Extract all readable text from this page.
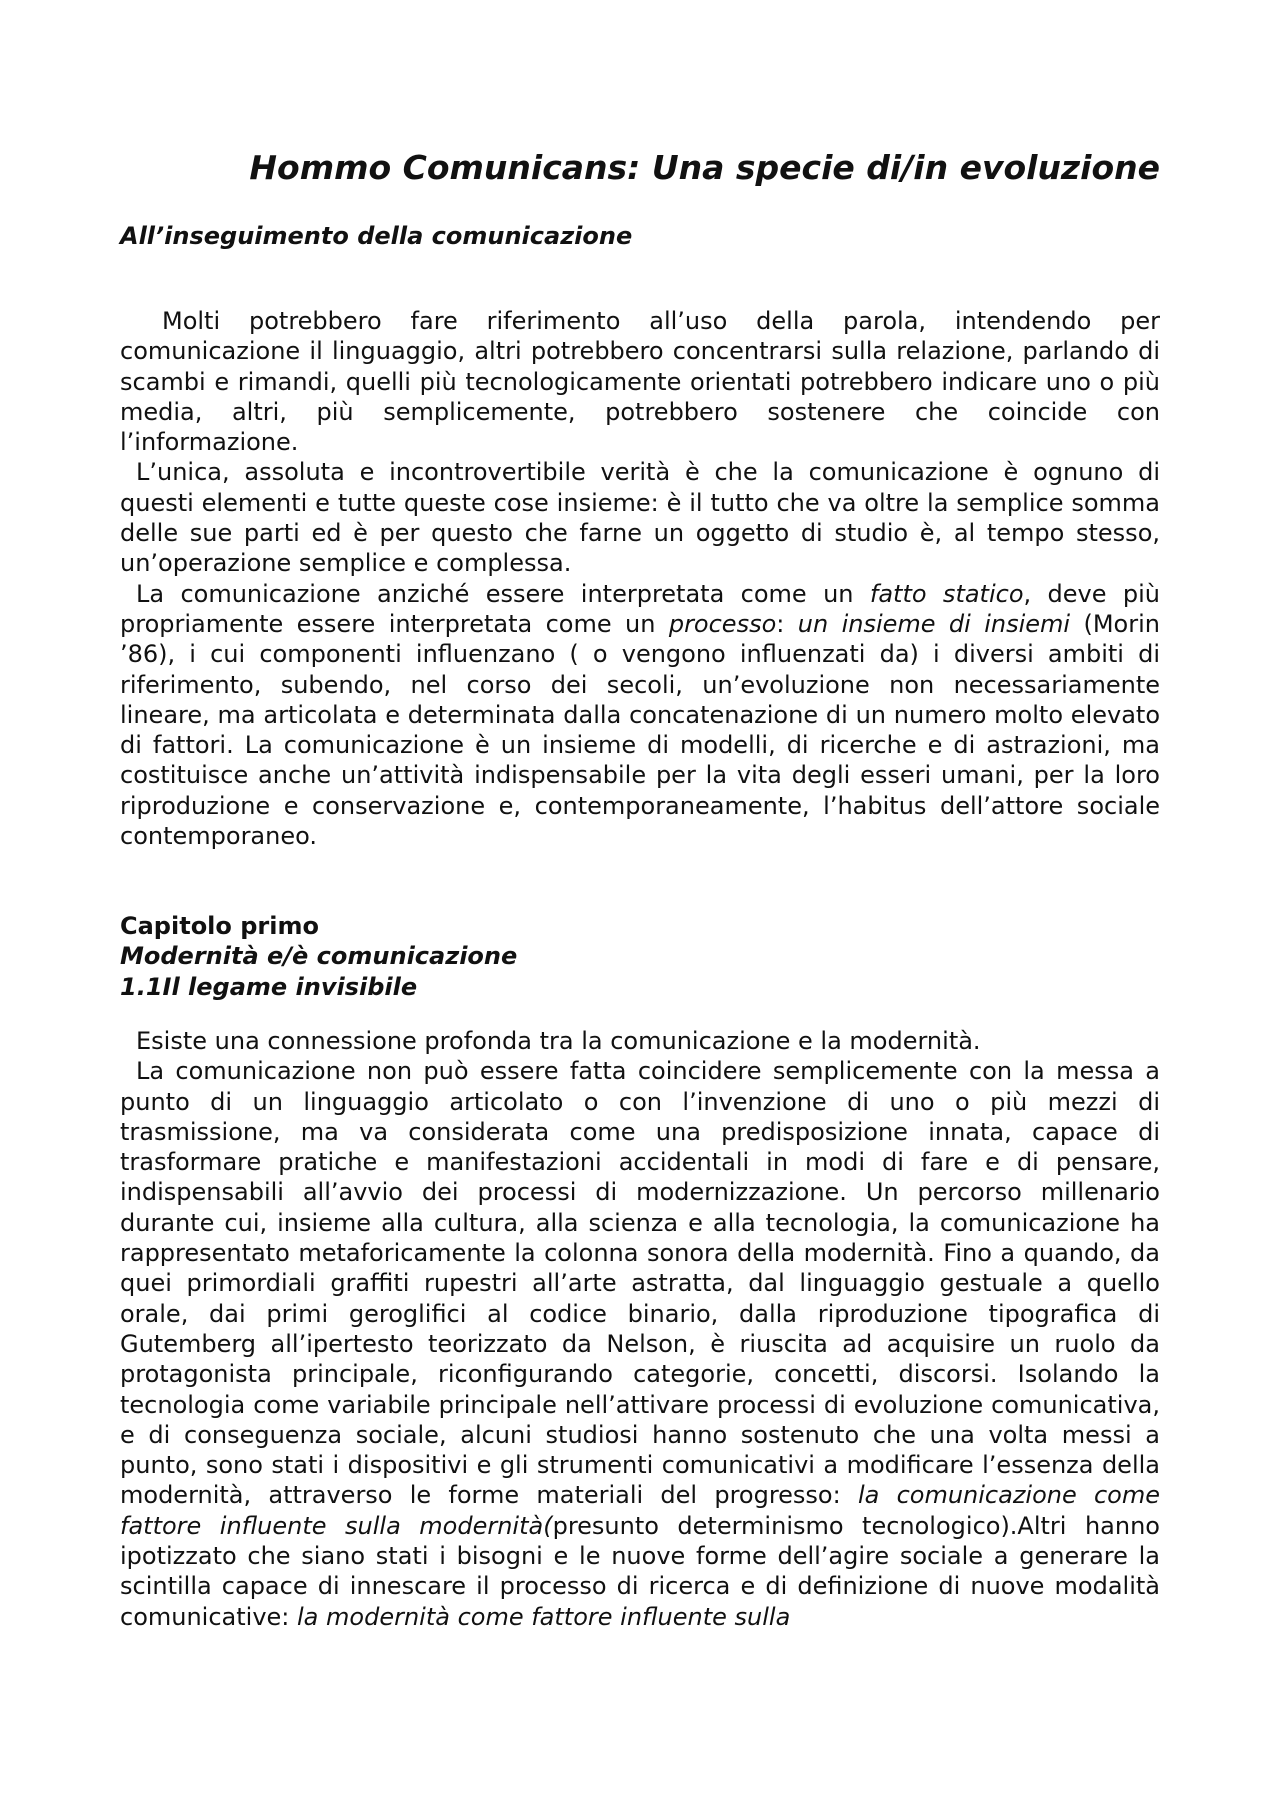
Hommo Comunicans: Una specie di/in evoluzione
All’inseguimento della comunicazione

Molti potrebbero fare riferimento all’uso della parola, intendendo per comunicazione il linguaggio, altri potrebbero concentrarsi sulla relazione, parlando di scambi e rimandi, quelli più tecnologicamente orientati potrebbero indicare uno o più media, altri, più semplicemente, potrebbero sostenere che coincide con l’informazione.

L’unica, assoluta e incontrovertibile verità è che la comunicazione è ognuno di questi elementi e tutte queste cose insieme: è il tutto che va oltre la semplice somma delle sue parti ed è per questo che farne un oggetto di studio è, al tempo stesso, un’operazione semplice e complessa.

La comunicazione anziché essere interpretata come un fatto statico, deve più propriamente essere interpretata come un processo: un insieme di insiemi (Morin ’86), i cui componenti influenzano ( o vengono influenzati da) i diversi ambiti di riferimento, subendo, nel corso dei secoli, un’evoluzione non necessariamente lineare, ma articolata e determinata dalla concatenazione di un numero molto elevato di fattori. La comunicazione è un insieme di modelli, di ricerche e di astrazioni, ma costituisce anche un’attività indispensabile per la vita degli esseri umani, per la loro riproduzione e conservazione e, contemporaneamente, l’habitus dell’attore sociale contemporaneo.

Capitolo primo
Modernità e/è comunicazione
1.1Il legame invisibile

Esiste una connessione profonda tra la comunicazione e la modernità.

La comunicazione non può essere fatta coincidere semplicemente con la messa a punto di un linguaggio articolato o con l’invenzione di uno o più mezzi di trasmissione, ma va considerata come una predisposizione innata, capace di trasformare pratiche e manifestazioni accidentali in modi di fare e di pensare, indispensabili all’avvio dei processi di modernizzazione. Un percorso millenario durante cui, insieme alla cultura, alla scienza e alla tecnologia, la comunicazione ha rappresentato metaforicamente la colonna sonora della modernità. Fino a quando, da quei primordiali graffiti rupestri all’arte astratta, dal linguaggio gestuale a quello orale, dai primi geroglifici al codice binario, dalla riproduzione tipografica di Gutemberg all’ipertesto teorizzato da Nelson, è riuscita ad acquisire un ruolo da protagonista principale, riconfigurando categorie, concetti, discorsi. Isolando la tecnologia come variabile principale nell’attivare processi di evoluzione comunicativa, e di conseguenza sociale, alcuni studiosi hanno sostenuto che una volta messi a punto, sono stati i dispositivi e gli strumenti comunicativi a modificare l’essenza della modernità, attraverso le forme materiali del progresso: la comunicazione come fattore influente sulla modernità(presunto determinismo tecnologico).Altri hanno ipotizzato che siano stati i bisogni e le nuove forme dell’agire sociale a generare la scintilla capace di innescare il processo di ricerca e di definizione di nuove modalità comunicative: la modernità come fattore influente sulla
